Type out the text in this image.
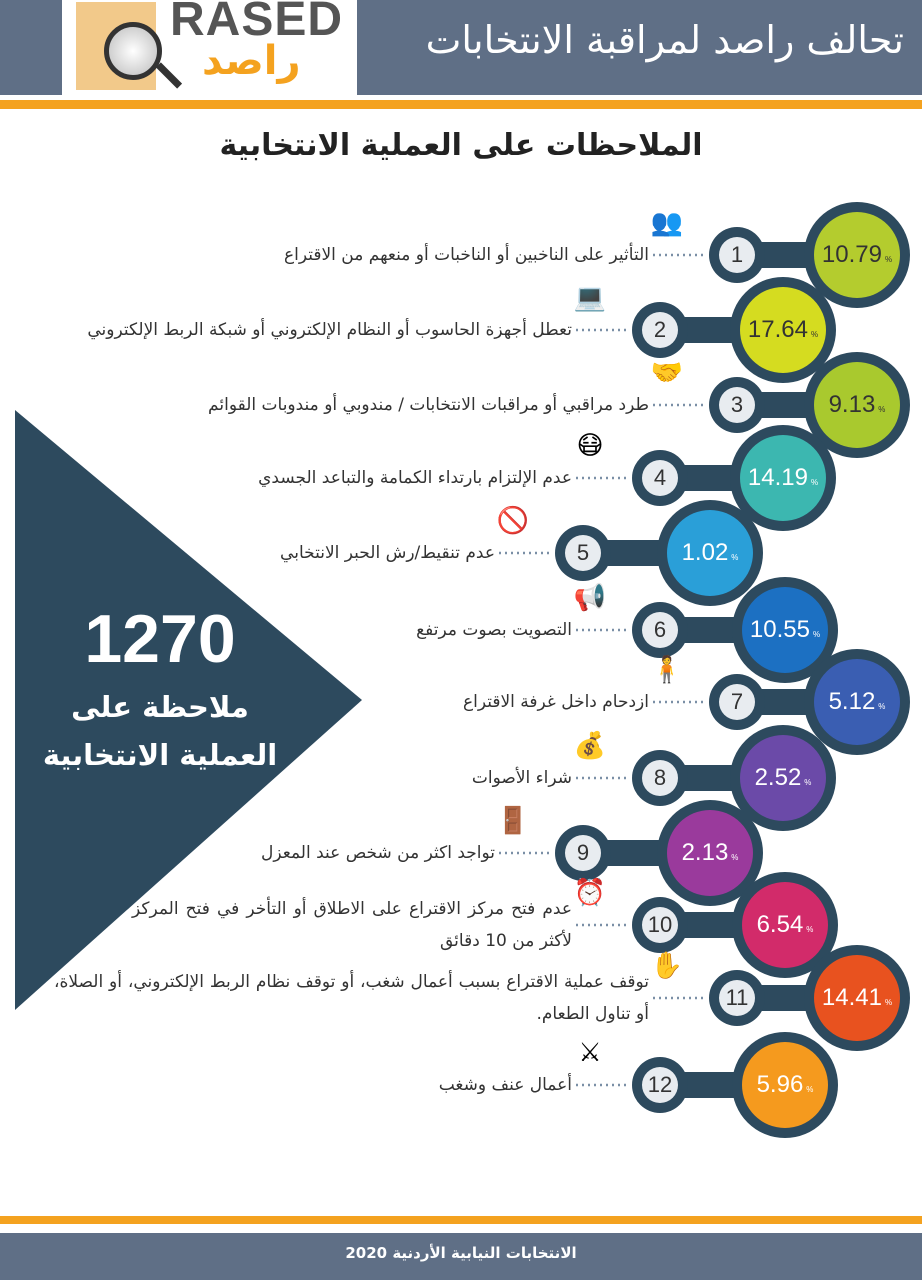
RASED
راصد	تحالف راصد لمراقبة الانتخابات
الملاحظات على العملية الانتخابية
1270
ملاحظة على
العملية الانتخابية
التأثير على الناخبين أو الناخبات أو منعهم من الاقتراع
👥
1	10.79 %
تعطل أجهزة الحاسوب أو النظام الإلكتروني أو شبكة الربط الإلكتروني
💻
2	17.64 %
طرد مراقبي أو مراقبات الانتخابات / مندوبي أو مندوبات القوائم
🤝
3	9.13 %
عدم الإلتزام بارتداء الكمامة والتباعد الجسدي
😷
4	14.19 %
عدم تنقيط/رش الحبر الانتخابي
🚫
5	1.02 %
التصويت بصوت مرتفع
📢
6	10.55 %
ازدحام داخل غرفة الاقتراع
🧍
7	5.12 %
شراء الأصوات
💰
8	2.52 %
تواجد اكثر من شخص عند المعزل
🚪
9	2.13 %
عدم فتح مركز الاقتراع على الاطلاق أو التأخر في فتح المركز لأكثر من 10 دقائق
⏰
10	6.54 %
توقف عملية الاقتراع بسبب أعمال شغب، أو توقف نظام الربط الإلكتروني، أو الصلاة، أو تناول الطعام.
✋
11	14.41 %
أعمال عنف وشغب
⚔
12	5.96 %
الانتخابات النيابية الأردنية 2020
